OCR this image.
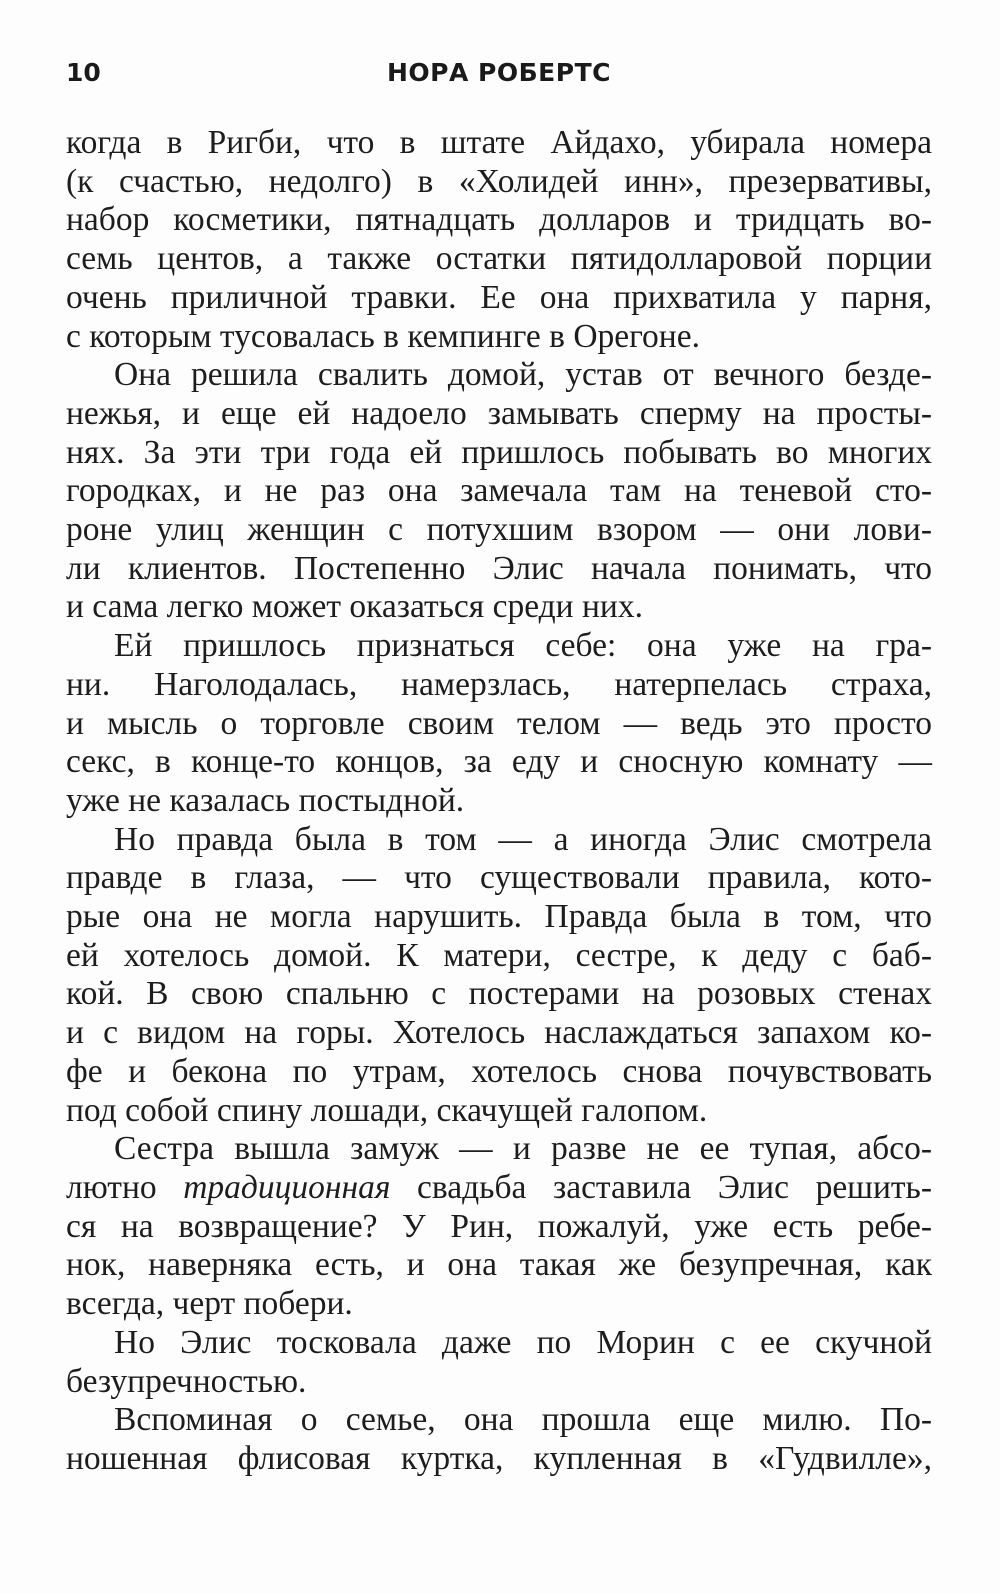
10	НОРА РОБЕРТС

когда в Ригби, что в штате Айдахо, убирала номера
(к счастью, недолго) в «Холидей инн», презервативы,
набор косметики, пятнадцать долларов и тридцать во-
семь центов, а также остатки пятидолларовой порции
очень приличной травки. Ее она прихватила у парня,
с которым тусовалась в кемпинге в Орегоне.

Она решила свалить домой, устав от вечного безде-
нежья, и еще ей надоело замывать сперму на просты-
нях. За эти три года ей пришлось побывать во многих
городках, и не раз она замечала там на теневой сто-
роне улиц женщин с потухшим взором — они лови-
ли клиентов. Постепенно Элис начала понимать, что
и сама легко может оказаться среди них.

Ей пришлось признаться себе: она уже на гра-
ни. Наголодалась, намерзлась, натерпелась страха,
и мысль о торговле своим телом — ведь это просто
секс, в конце-то концов, за еду и сносную комнату —
уже не казалась постыдной.

Но правда была в том — а иногда Элис смотрела
правде в глаза, — что существовали правила, кото-
рые она не могла нарушить. Правда была в том, что
ей хотелось домой. К матери, сестре, к деду с баб-
кой. В свою спальню с постерами на розовых стенах
и с видом на горы. Хотелось наслаждаться запахом ко-
фе и бекона по утрам, хотелось снова почувствовать
под собой спину лошади, скачущей галопом.

Сестра вышла замуж — и разве не ее тупая, абсо-
лютно традиционная свадьба заставила Элис решить-
ся на возвращение? У Рин, пожалуй, уже есть ребе-
нок, наверняка есть, и она такая же безупречная, как
всегда, черт побери.

Но Элис тосковала даже по Морин с ее скучной
безупречностью.

Вспоминая о семье, она прошла еще милю. По-
ношенная флисовая куртка, купленная в «Гудвилле»,
